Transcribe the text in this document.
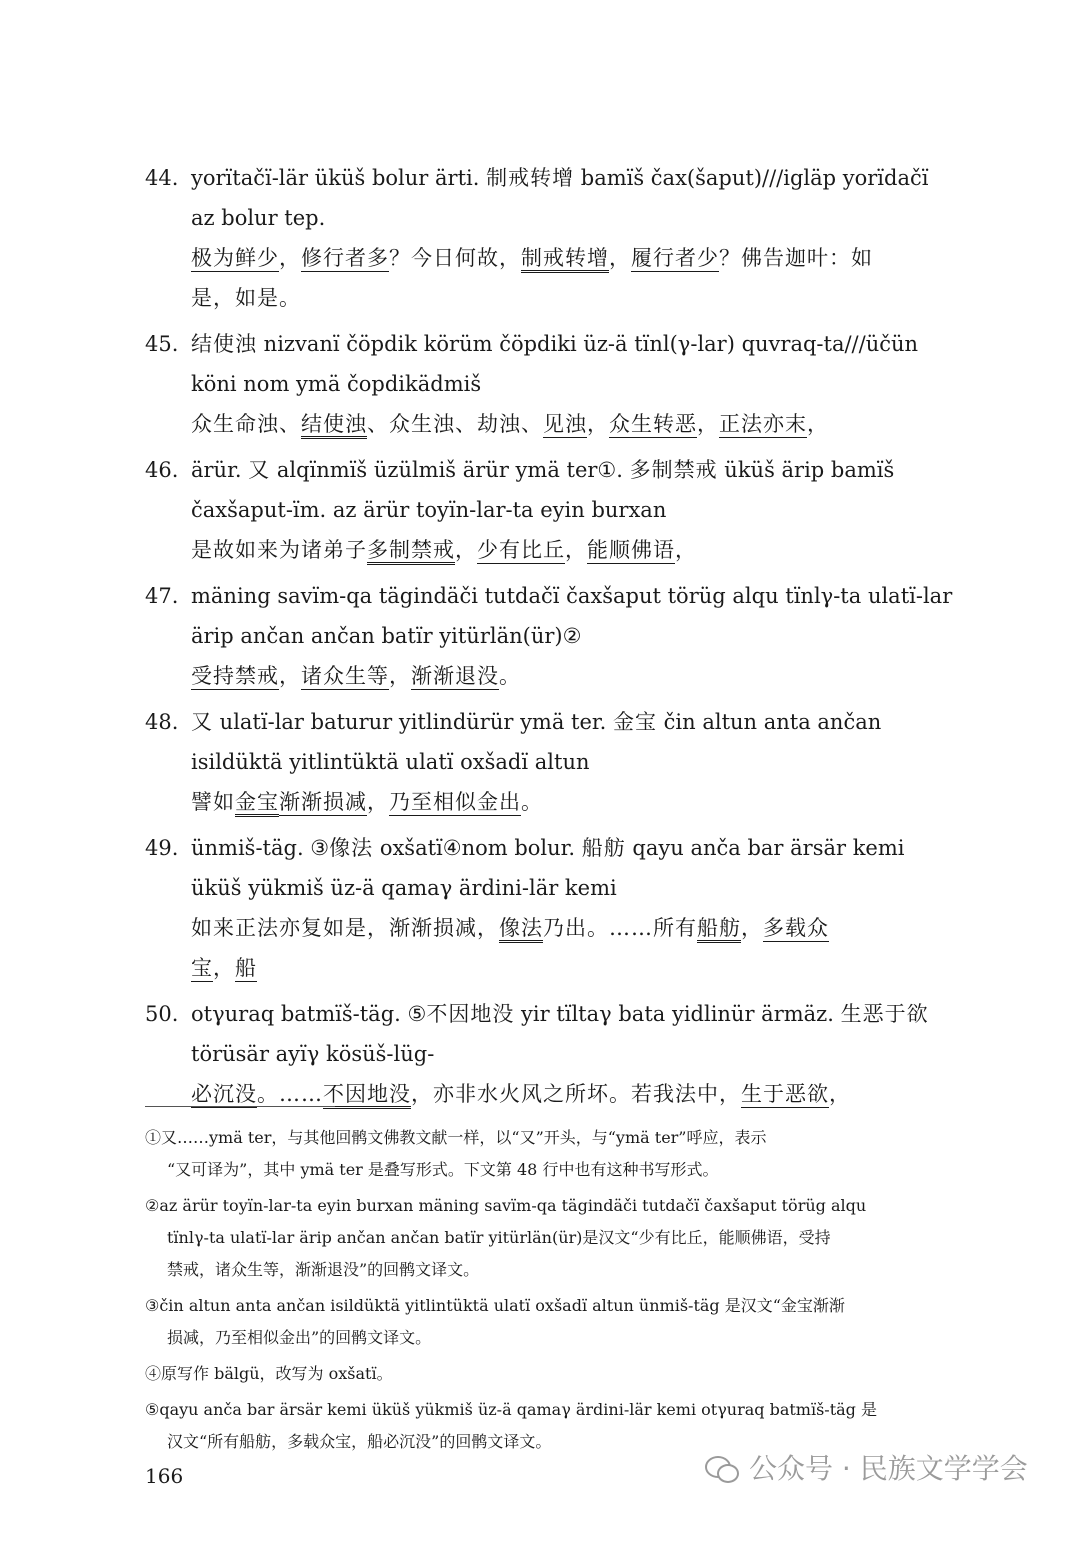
44. yorïtačï-lär üküš bolur ärti. 制戒转增 bamïš čax(šaput)///igläp yorïdačï
az bolur tep.
极为鲜少，修行者多？今日何故，制戒转增，履行者少？佛告迦叶：如
是，如是。
45. 结使浊 nizvanï čöpdik körüm čöpdiki üz-ä tïnl(γ-lar) quvraq-ta///üčün
köni nom ymä čopdikädmiš
众生命浊、结使浊、众生浊、劫浊、见浊，众生转恶，正法亦末，
46. ärür. 又 alqïnmïš üzülmiš ärür ymä ter①. 多制禁戒 üküš ärip bamïš
čaxšaput-ïm. az ärür toyïn-lar-ta eyin burxan
是故如来为诸弟子多制禁戒，少有比丘，能顺佛语，
47. mäning savïm-qa tägindäči tutdačï čaxšaput törüg alqu tïnlγ-ta ulatï-lar
ärip ančan ančan batïr yitürlän(ür)②
受持禁戒，诸众生等，渐渐退没。
48. 又 ulatï-lar baturur yitlindürür ymä ter. 金宝 čin altun anta ančan
isildüktä yitlintüktä ulatï oxšadï altun
譬如金宝渐渐损减，乃至相似金出。
49. ünmiš-täg. ③像法 oxšatï④nom bolur. 船舫 qayu anča bar ärsär kemi
üküš yükmiš üz-ä qamaγ ärdini-lär kemi
如来正法亦复如是，渐渐损减，像法乃出。……所有船舫，多载众
宝，船
50. otγuraq batmïš-täg. ⑤不因地没 yir tïltaγ bata yidlinür ärmäz. 生恶于欲
törüsär ayïγ kösüš-lüg-
必沉没。……不因地没，亦非水火风之所坏。若我法中，生于恶欲，
①又……ymä ter，与其他回鹘文佛教文献一样，以“又”开头，与“ymä ter”呼应，表示
“又可译为”，其中 ymä ter 是叠写形式。下文第 48 行中也有这种书写形式。
②az ärür toyïn-lar-ta eyin burxan mäning savïm-qa tägindäči tutdačï čaxšaput törüg alqu
tïnlγ-ta ulatï-lar ärip ančan ančan batïr yitürlän(ür)是汉文“少有比丘，能顺佛语，受持
禁戒，诸众生等，渐渐退没”的回鹘文译文。
③čin altun anta ančan isildüktä yitlintüktä ulatï oxšadï altun ünmiš-täg 是汉文“金宝渐渐
损减，乃至相似金出”的回鹘文译文。
④原写作 bälgü，改写为 oxšatï。
⑤qayu anča bar ärsär kemi üküš yükmiš üz-ä qamaγ ärdini-lär kemi otγuraq batmïš-täg 是
汉文“所有船舫，多载众宝，船必沉没”的回鹘文译文。
166	公众号 · 民族文学学会
